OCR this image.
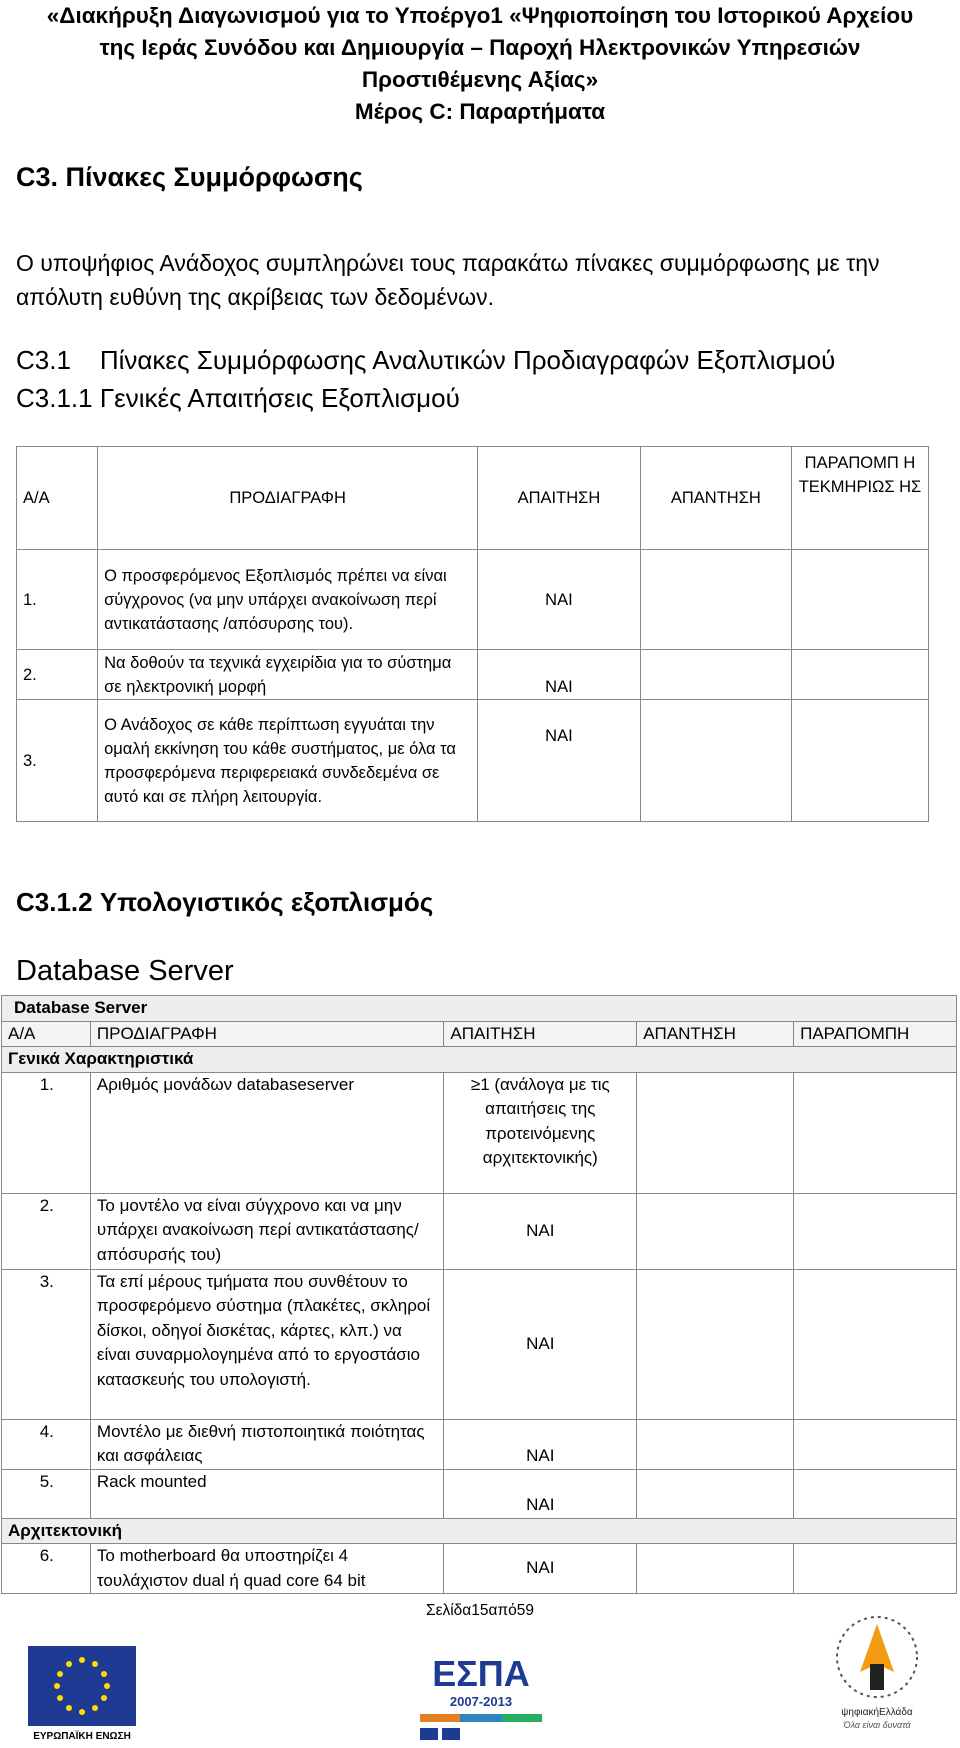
«Διακήρυξη Διαγωνισμού για το Υποέργο1 «Ψηφιοποίηση του Ιστορικού Αρχείου
της Ιεράς Συνόδου και Δημιουργία – Παροχή Ηλεκτρονικών Υπηρεσιών
Προστιθέμενης Αξίας»
Μέρος C: Παραρτήματα
C3. Πίνακες Συμμόρφωσης
Ο υποψήφιος Ανάδοχος συμπληρώνει τους παρακάτω πίνακες συμμόρφωσης με την απόλυτη ευθύνη της ακρίβειας των δεδομένων.
C3.1    Πίνακες Συμμόρφωσης Αναλυτικών Προδιαγραφών Εξοπλισμού
C3.1.1 Γενικές Απαιτήσεις Εξοπλισμού
Α/Α	ΠΡΟΔΙΑΓΡΑΦΗ	ΑΠΑΙΤΗΣΗ	ΑΠΑΝΤΗΣΗ	ΠΑΡΑΠΟΜΠ Η ΤΕΚΜΗΡΙΩΣ ΗΣ
1.	Ο προσφερόμενος Εξοπλισμός πρέπει να είναι σύγχρονος (να μην υπάρχει ανακοίνωση περί αντικατάστασης /απόσυρσης του).	ΝΑΙ		
2.	Να δοθούν τα τεχνικά εγχειρίδια για το σύστημα σε ηλεκτρονική μορφή	ΝΑΙ		
3.	Ο Ανάδοχος σε κάθε περίπτωση εγγυάται την ομαλή εκκίνηση του κάθε συστήματος, με όλα τα προσφερόμενα περιφερειακά συνδεδεμένα σε αυτό και σε πλήρη λειτουργία.	ΝΑΙ		
C3.1.2 Υπολογιστικός εξοπλισμός
Database Server
Database Server				
Α/Α	ΠΡΟΔΙΑΓΡΑΦΗ	ΑΠΑΙΤΗΣΗ	ΑΠΑΝΤΗΣΗ	ΠΑΡΑΠΟΜΠΗ
Γενικά Χαρακτηριστικά				
1.	Αριθμός μονάδων databaseserver	≥1 (ανάλογα με τις απαιτήσεις της προτεινόμενης αρχιτεκτονικής)		
2.	Το μοντέλο να είναι σύγχρονο και να μην υπάρχει ανακοίνωση περί αντικατάστασης/ απόσυρσής του)	ΝΑΙ		
3.	Τα επί μέρους τμήματα που συνθέτουν το προσφερόμενο σύστημα (πλακέτες, σκληροί δίσκοι, οδηγοί δισκέτας, κάρτες, κλπ.) να είναι συναρμολογημένα από το εργοστάσιο κατασκευής του υπολογιστή.	ΝΑΙ		
4.	Μοντέλο με διεθνή πιστοποιητικά ποιότητας και ασφάλειας	ΝΑΙ		
5.	Rack mounted	ΝΑΙ		
Αρχιτεκτονική				
6.	Το motherboard θα υποστηρίζει 4 τουλάχιστον dual ή quad core 64 bit	ΝΑΙ		
Σελίδα15από59
ΕΥΡΩΠΑΪΚΗ ΕΝΩΣΗ
ΕΣΠΑ
2007-2013
ψηφιακήΕλλάδα
Όλα είναι δυνατά
